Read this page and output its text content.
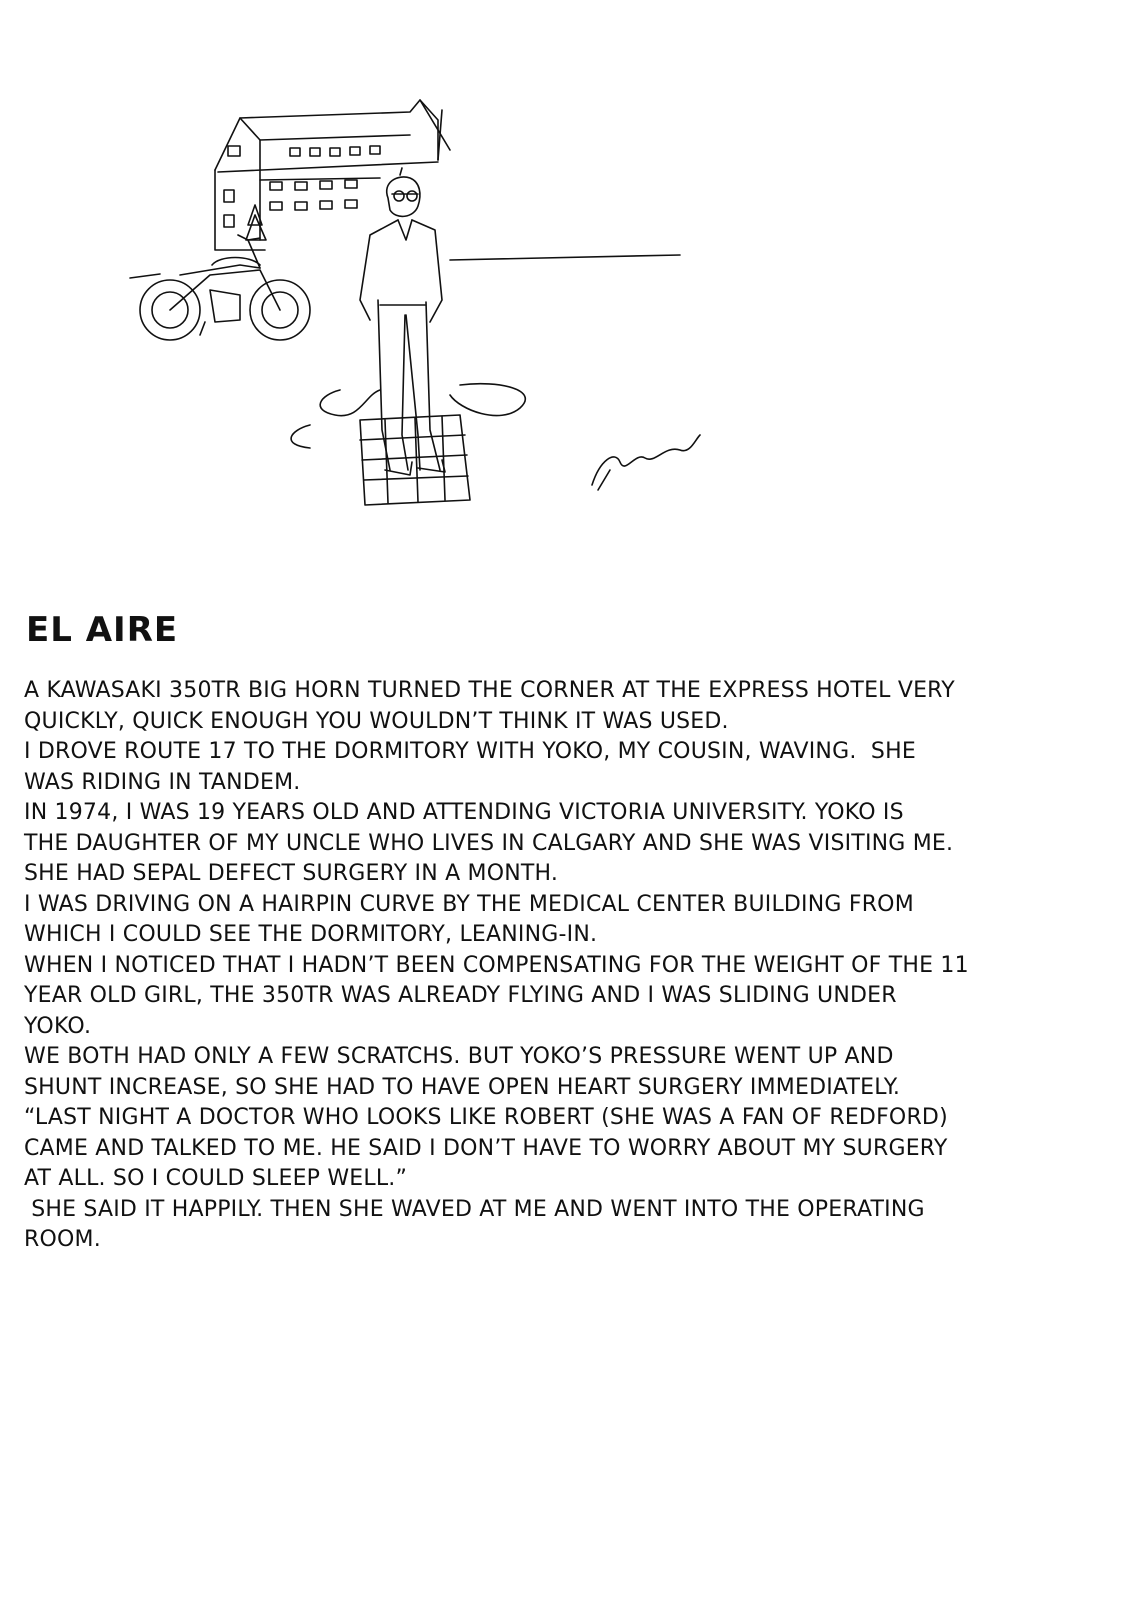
EL AIRE
A KAWASAKI 350TR BIG HORN TURNED THE CORNER AT THE EXPRESS HOTEL VERY
QUICKLY, QUICK ENOUGH YOU WOULDN’T THINK IT WAS USED.
I DROVE ROUTE 17 TO THE DORMITORY WITH YOKO, MY COUSIN, WAVING.  SHE
WAS RIDING IN TANDEM.
IN 1974, I WAS 19 YEARS OLD AND ATTENDING VICTORIA UNIVERSITY. YOKO IS
THE DAUGHTER OF MY UNCLE WHO LIVES IN CALGARY AND SHE WAS VISITING ME.
SHE HAD SEPAL DEFECT SURGERY IN A MONTH.
I WAS DRIVING ON A HAIRPIN CURVE BY THE MEDICAL CENTER BUILDING FROM
WHICH I COULD SEE THE DORMITORY, LEANING-IN.
WHEN I NOTICED THAT I HADN’T BEEN COMPENSATING FOR THE WEIGHT OF THE 11
YEAR OLD GIRL, THE 350TR WAS ALREADY FLYING AND I WAS SLIDING UNDER
YOKO.
WE BOTH HAD ONLY A FEW SCRATCHS. BUT YOKO’S PRESSURE WENT UP AND
SHUNT INCREASE, SO SHE HAD TO HAVE OPEN HEART SURGERY IMMEDIATELY.
“LAST NIGHT A DOCTOR WHO LOOKS LIKE ROBERT (SHE WAS A FAN OF REDFORD)
CAME AND TALKED TO ME. HE SAID I DON’T HAVE TO WORRY ABOUT MY SURGERY
AT ALL. SO I COULD SLEEP WELL.”
SHE SAID IT HAPPILY. THEN SHE WAVED AT ME AND WENT INTO THE OPERATING
ROOM.
